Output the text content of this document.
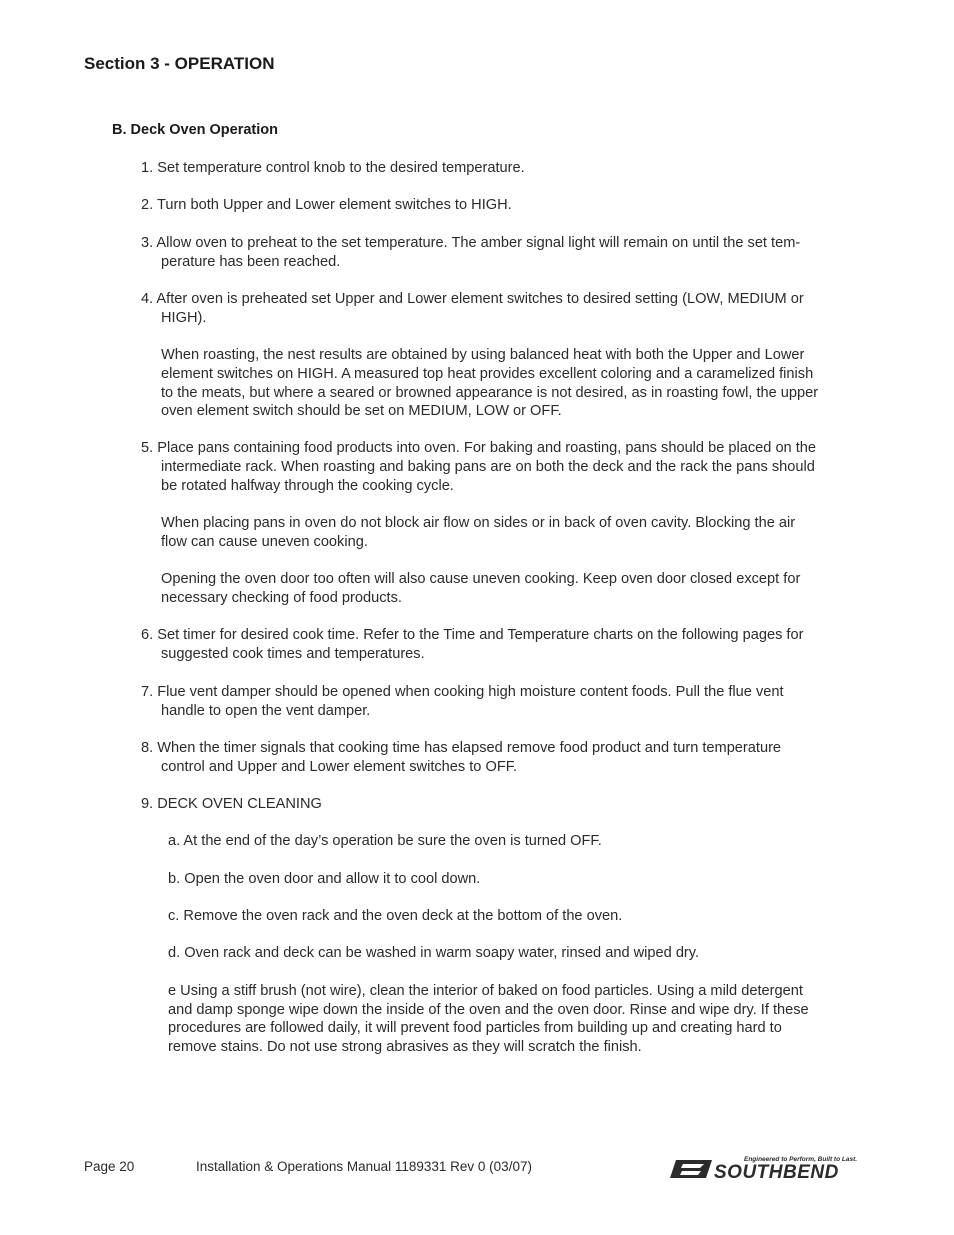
Section 3 - OPERATION
B. Deck Oven Operation

1. Set temperature control knob to the desired temperature.

2. Turn both Upper and Lower element switches to HIGH.

3. Allow oven to preheat to the set temperature. The amber signal light will remain on until the set tem-

perature has been reached.

4. After oven is preheated set Upper and Lower element switches to desired setting (LOW, MEDIUM or

HIGH).

When roasting, the nest results are obtained by using balanced heat with both the Upper and Lower

element switches on HIGH. A measured top heat provides excellent coloring and a caramelized finish

to the meats, but where a seared or browned appearance is not desired, as in roasting fowl, the upper

oven element switch should be set on MEDIUM, LOW or OFF.

5. Place pans containing food products into oven. For baking and roasting, pans should be placed on the

intermediate rack. When roasting and baking pans are on both the deck and the rack the pans should

be rotated halfway through the cooking cycle.

When placing pans in oven do not block air flow on sides or in back of oven cavity. Blocking the air

flow can cause uneven cooking.

Opening the oven door too often will also cause uneven cooking. Keep oven door closed except for

necessary checking of food products.

6. Set timer for desired cook time. Refer to the Time and Temperature charts on the following pages for

suggested cook times and temperatures.

7. Flue vent damper should be opened when cooking high moisture content foods. Pull the flue vent

handle to open the vent damper.

8. When the timer signals that cooking time has elapsed remove food product and turn temperature

control and Upper and Lower element switches to OFF.

9. DECK OVEN CLEANING

a. At the end of the day’s operation be sure the oven is turned OFF.

b. Open the oven door and allow it to cool down.

c. Remove the oven rack and the oven deck at the bottom of the oven.

d. Oven rack and deck can be washed in warm soapy water, rinsed and wiped dry.

e Using a stiff brush (not wire), clean the interior of baked on food particles. Using a mild detergent

and damp sponge wipe down the inside of the oven and the oven door. Rinse and wipe dry. If these

procedures are followed daily, it will prevent food particles from building up and creating hard to

remove stains. Do not use strong abrasives as they will scratch the finish.

Page 20	Installation & Operations Manual 1189331 Rev 0 (03/07)	Engineered to Perform, Built to Last.
SOUTHBEND
